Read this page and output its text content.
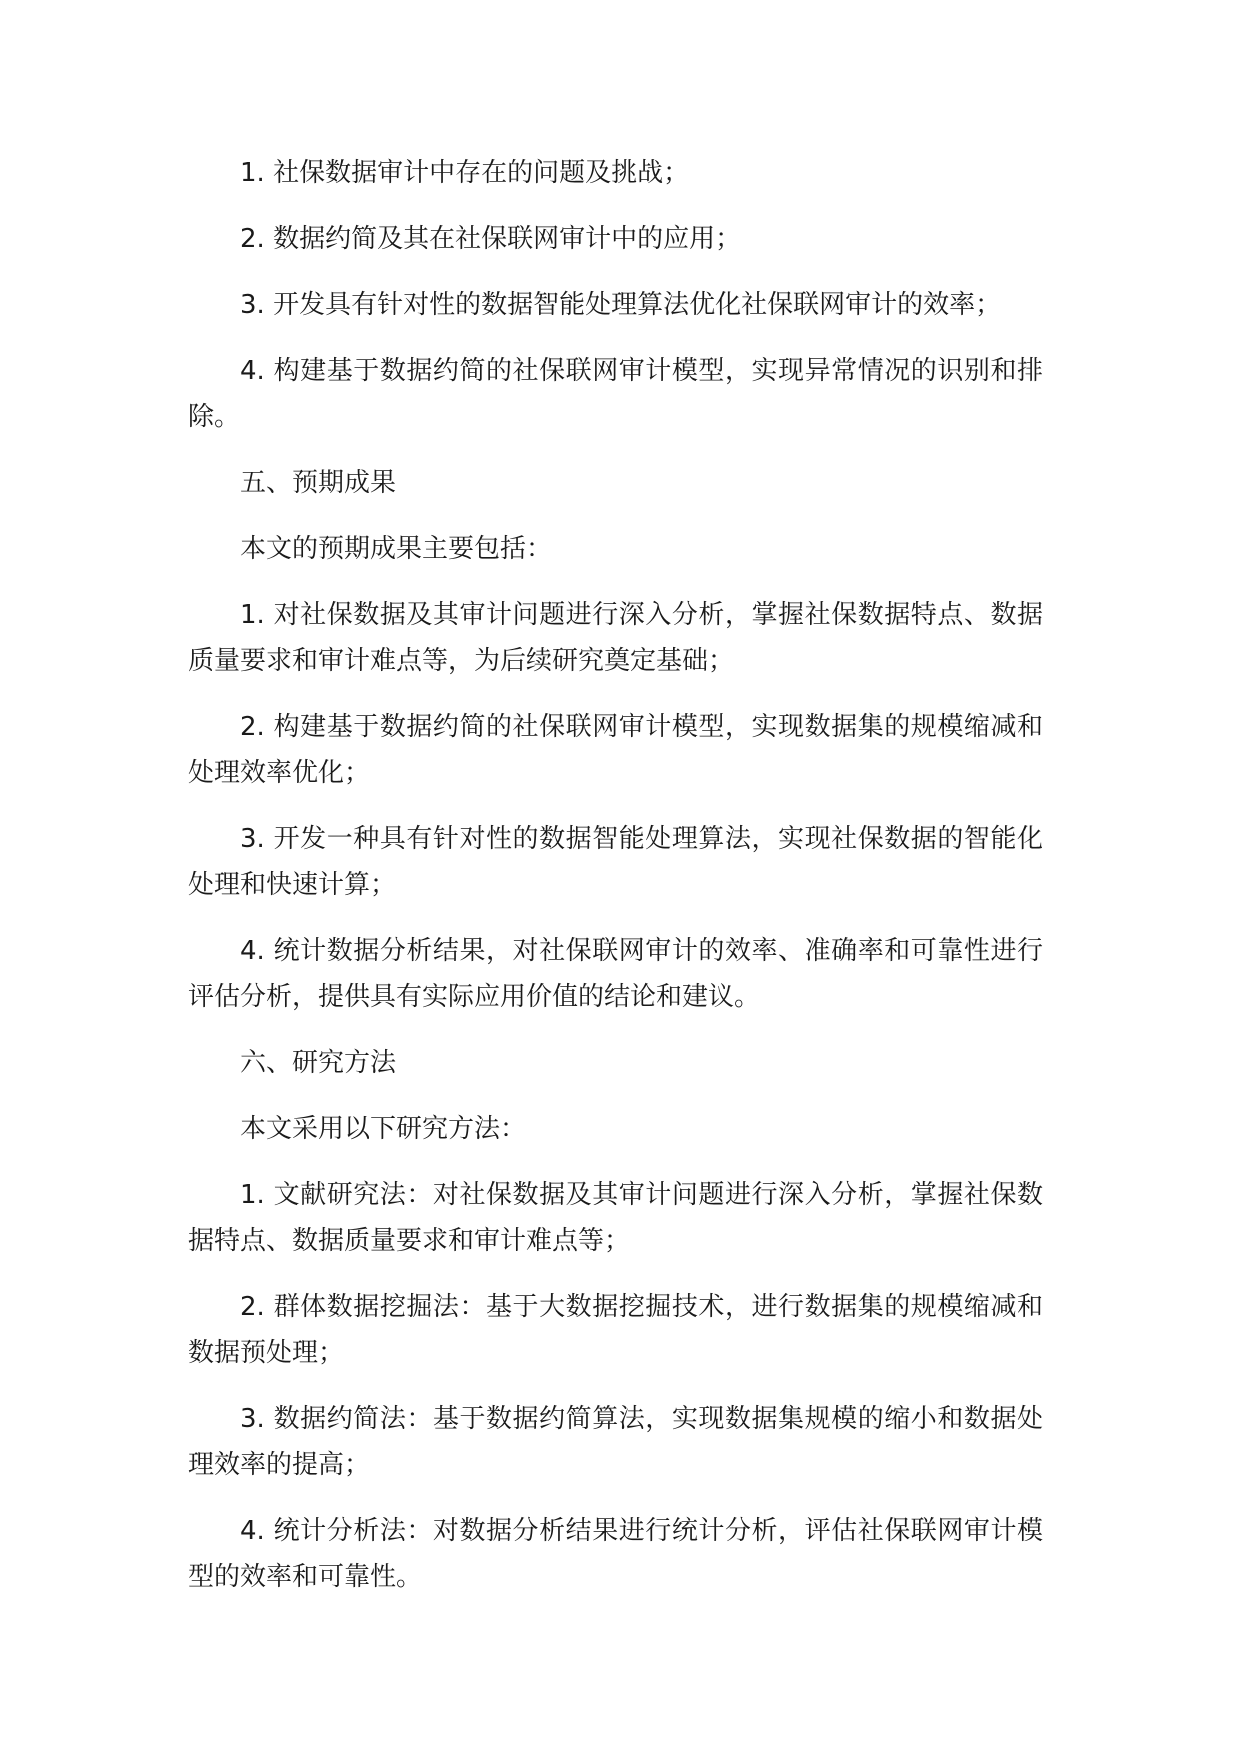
1. 社保数据审计中存在的问题及挑战；

2. 数据约简及其在社保联网审计中的应用；

3. 开发具有针对性的数据智能处理算法优化社保联网审计的效率；

4. 构建基于数据约简的社保联网审计模型，实现异常情况的识别和排除。

五、预期成果

本文的预期成果主要包括：

1. 对社保数据及其审计问题进行深入分析，掌握社保数据特点、数据质量要求和审计难点等，为后续研究奠定基础；

2. 构建基于数据约简的社保联网审计模型，实现数据集的规模缩减和处理效率优化；

3. 开发一种具有针对性的数据智能处理算法，实现社保数据的智能化处理和快速计算；

4. 统计数据分析结果，对社保联网审计的效率、准确率和可靠性进行评估分析，提供具有实际应用价值的结论和建议。

六、研究方法

本文采用以下研究方法：

1. 文献研究法：对社保数据及其审计问题进行深入分析，掌握社保数据特点、数据质量要求和审计难点等；

2. 群体数据挖掘法：基于大数据挖掘技术，进行数据集的规模缩减和数据预处理；

3. 数据约简法：基于数据约简算法，实现数据集规模的缩小和数据处理效率的提高；

4. 统计分析法：对数据分析结果进行统计分析，评估社保联网审计模型的效率和可靠性。
